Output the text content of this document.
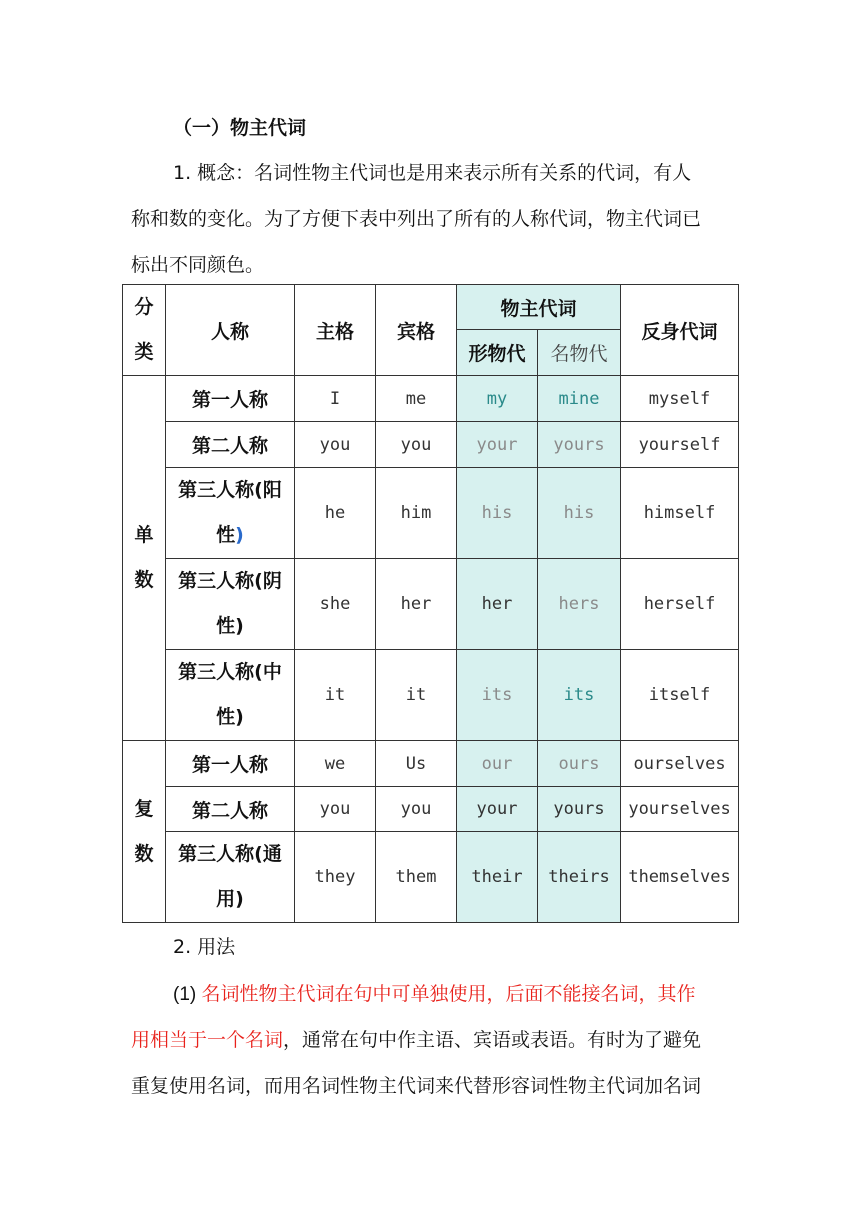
（一）物主代词
1. 概念：名词性物主代词也是用来表示所有关系的代词，有人
称和数的变化。为了方便下表中列出了所有的人称代词，物主代词已
标出不同颜色。
分类	人称	主格	宾格	物主代词		反身代词
				形物代	名物代	
单数	第一人称	I	me	my	mine	myself
	第二人称	you	you	your	yours	yourself
	第三人称(阳
性)	he	him	his	his	himself
	第三人称(阴
性)	she	her	her	hers	herself
	第三人称(中
性)	it	it	its	its	itself
复数	第一人称	we	Us	our	ours	ourselves
	第二人称	you	you	your	yours	yourselves
	第三人称(通
用)	they	them	their	theirs	themselves
2. 用法
(1) 名词性物主代词在句中可单独使用，后面不能接名词，其作
用相当于一个名词，通常在句中作主语、宾语或表语。有时为了避免
重复使用名词，而用名词性物主代词来代替形容词性物主代词加名词
